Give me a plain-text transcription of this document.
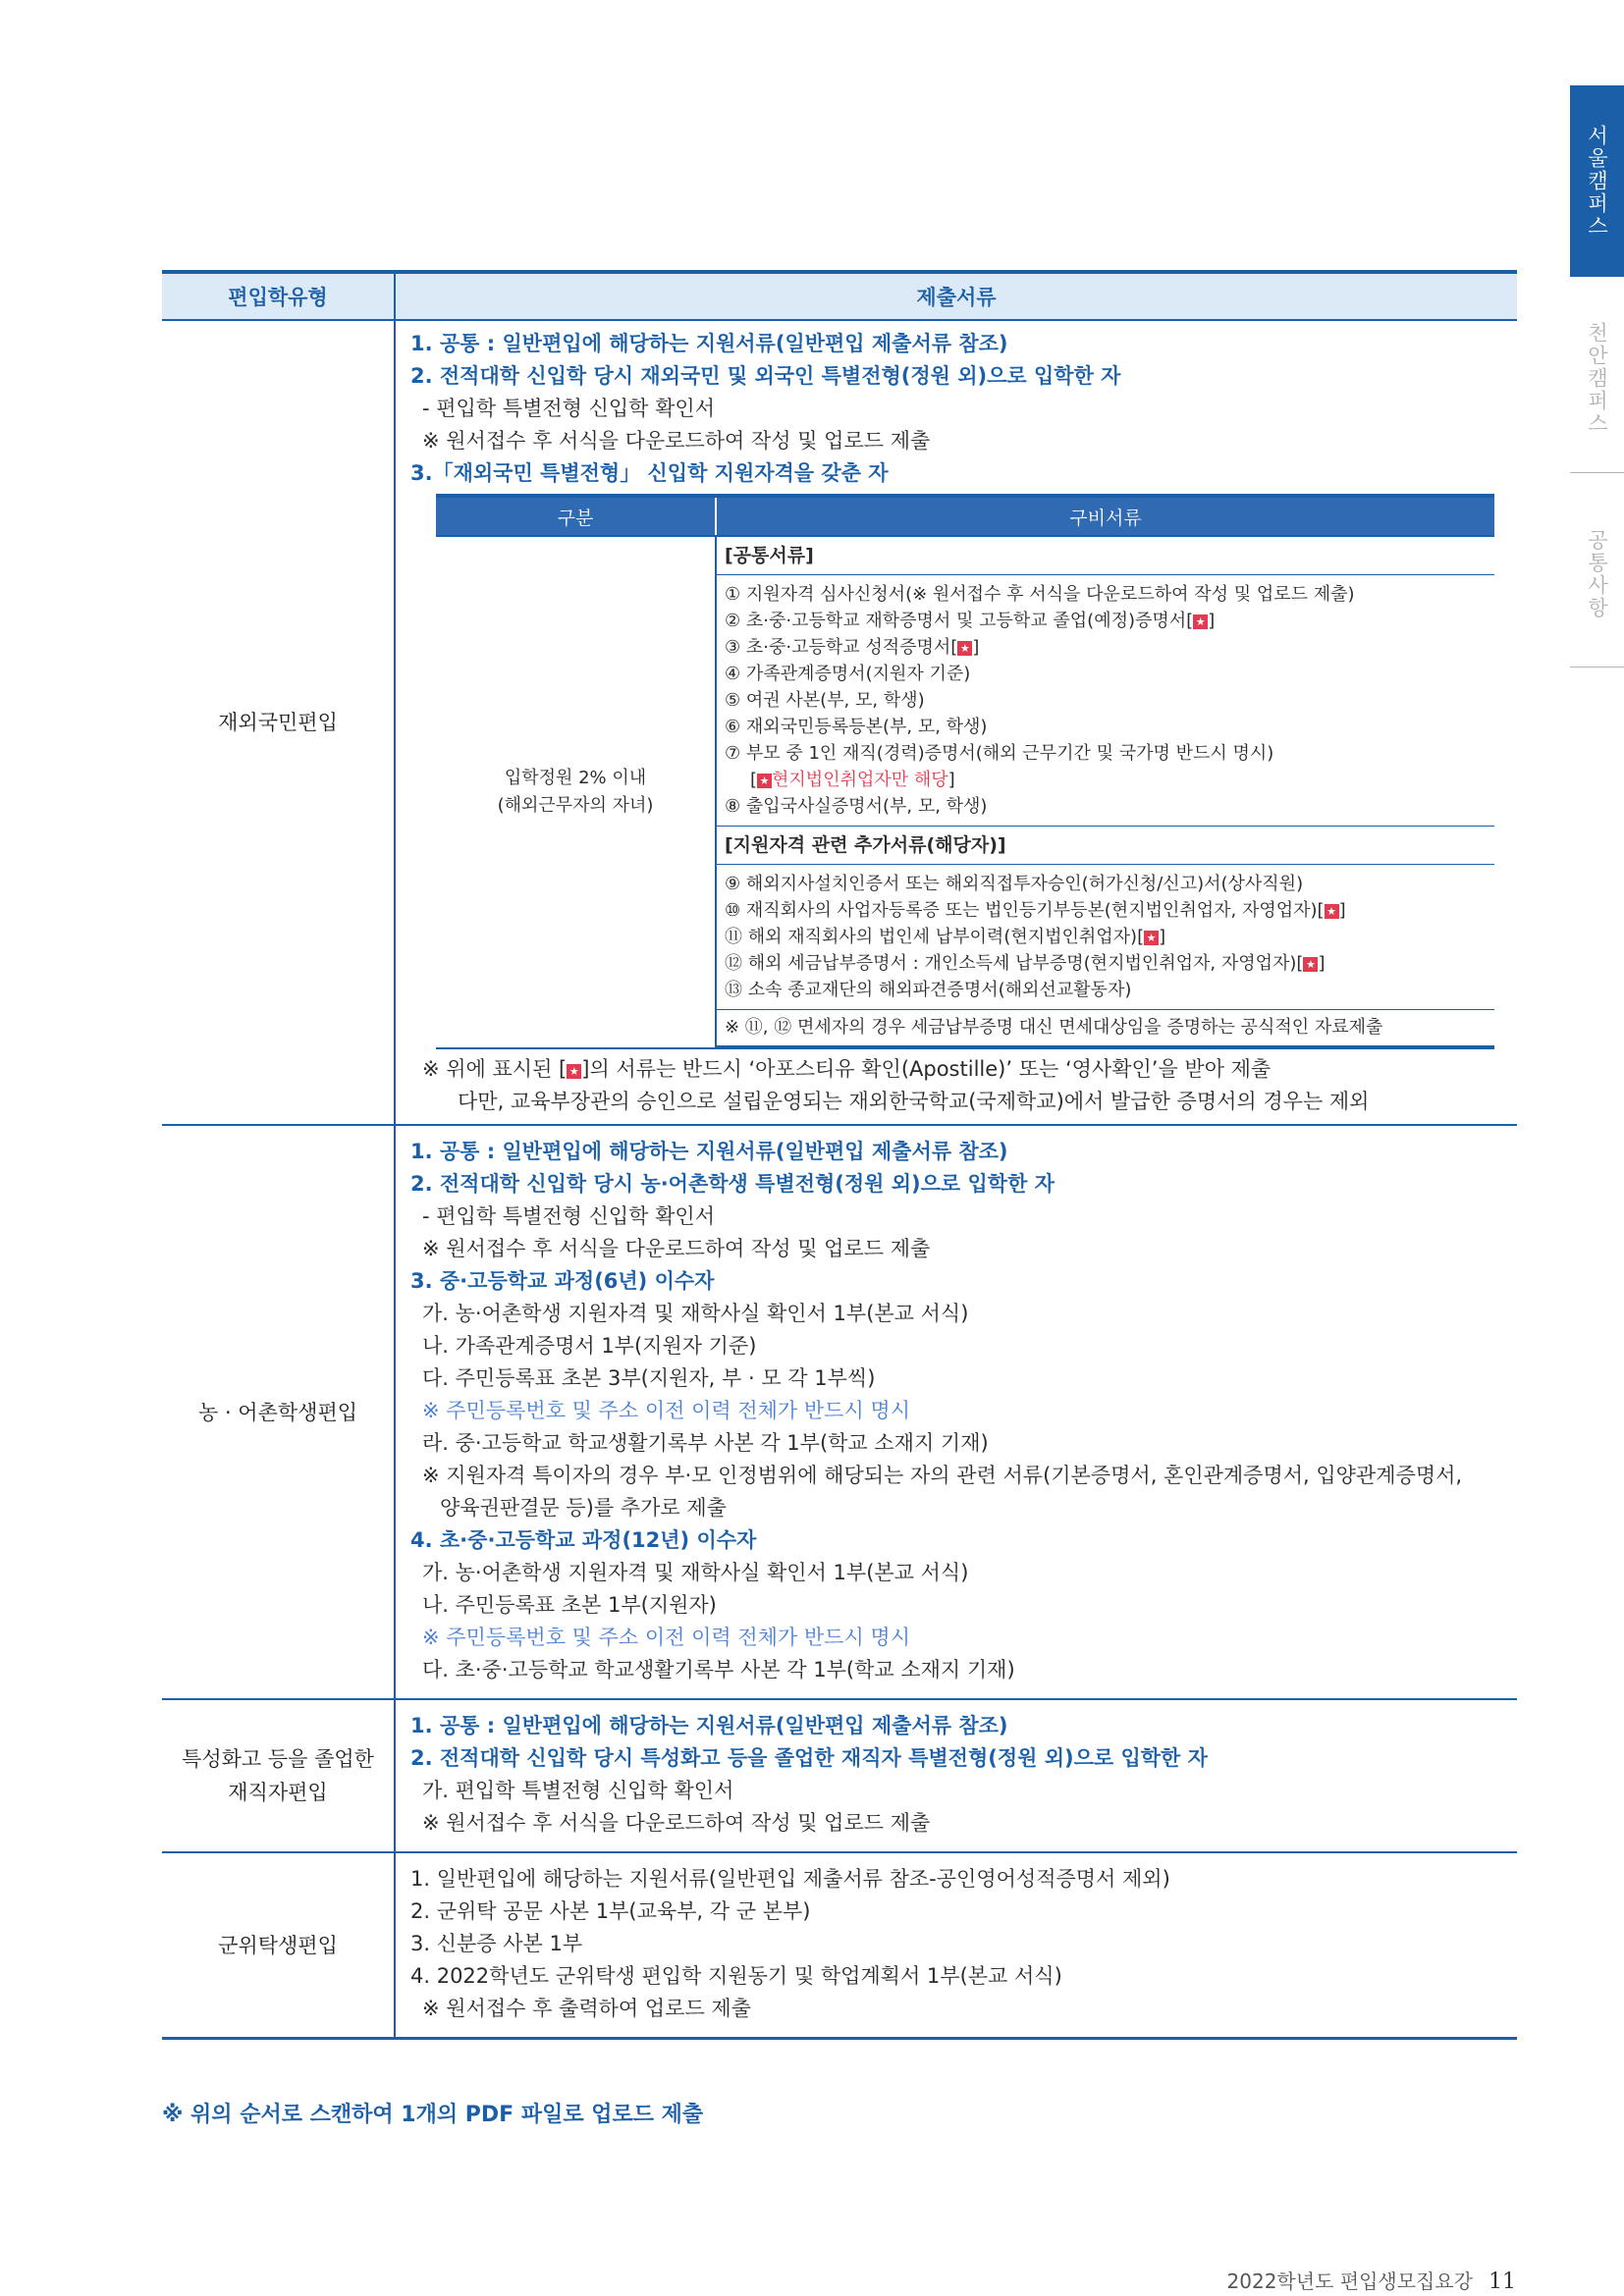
서울캠퍼스
천안캠퍼스
공통사항
편입학유형	제출서류
재외국민편입	
1. 공통 : 일반편입에 해당하는 지원서류(일반편입 제출서류 참조)
2. 전적대학 신입학 당시 재외국민 및 외국인 특별전형(정원 외)으로 입학한 자
- 편입학 특별전형 신입학 확인서
※ 원서접수 후 서식을 다운로드하여 작성 및 업로드 제출
3.「재외국민 특별전형」 신입학 지원자격을 갖춘 자
구분	구비서류

입학정원 2% 이내
(해외근무자의 자녀)

[공통서류]
① 지원자격 심사신청서(※ 원서접수 후 서식을 다운로드하여 작성 및 업로드 제출)
② 초·중·고등학교 재학증명서 및 고등학교 졸업(예정)증명서[ ★ ]
③ 초·중·고등학교 성적증명서[ ★ ]
④ 가족관계증명서(지원자 기준)
⑤ 여권 사본(부, 모, 학생)
⑥ 재외국민등록등본(부, 모, 학생)
⑦ 부모 중 1인 재직(경력)증명서(해외 근무기간 및 국가명 반드시 명시)
[ ★ 현지법인취업자만 해당]
⑧ 출입국사실증명서(부, 모, 학생)
[지원자격 관련 추가서류(해당자)]
⑨ 해외지사설치인증서 또는 해외직접투자승인(허가신청/신고)서(상사직원)
⑩ 재직회사의 사업자등록증 또는 법인등기부등본(현지법인취업자, 자영업자)[ ★ ]
⑪ 해외 재직회사의 법인세 납부이력(현지법인취업자)[ ★ ]
⑫ 해외 세금납부증명서 : 개인소득세 납부증명(현지법인취업자, 자영업자)[ ★ ]
⑬ 소속 종교재단의 해외파견증명서(해외선교활동자)
※ ⑪, ⑫ 면세자의 경우 세금납부증명 대신 면세대상임을 증명하는 공식적인 자료제출
※ 위에 표시된 [ ★ ]의 서류는 반드시 ‘아포스티유 확인(Apostille)’ 또는 ‘영사확인’을 받아 제출
다만, 교육부장관의 승인으로 설립운영되는 재외한국학교(국제학교)에서 발급한 증명서의 경우는 제외

농 · 어촌학생편입	
1. 공통 : 일반편입에 해당하는 지원서류(일반편입 제출서류 참조)
2. 전적대학 신입학 당시 농·어촌학생 특별전형(정원 외)으로 입학한 자
- 편입학 특별전형 신입학 확인서
※ 원서접수 후 서식을 다운로드하여 작성 및 업로드 제출
3. 중·고등학교 과정(6년) 이수자
가. 농·어촌학생 지원자격 및 재학사실 확인서 1부(본교 서식)
나. 가족관계증명서 1부(지원자 기준)
다. 주민등록표 초본 3부(지원자, 부 · 모 각 1부씩)
※ 주민등록번호 및 주소 이전 이력 전체가 반드시 명시
라. 중·고등학교 학교생활기록부 사본 각 1부(학교 소재지 기재)
※ 지원자격 특이자의 경우 부·모 인정범위에 해당되는 자의 관련 서류(기본증명서, 혼인관계증명서, 입양관계증명서,
양육권판결문 등)를 추가로 제출
4. 초·중·고등학교 과정(12년) 이수자
가. 농·어촌학생 지원자격 및 재학사실 확인서 1부(본교 서식)
나. 주민등록표 초본 1부(지원자)
※ 주민등록번호 및 주소 이전 이력 전체가 반드시 명시
다. 초·중·고등학교 학교생활기록부 사본 각 1부(학교 소재지 기재)

특성화고 등을 졸업한
재직자편입

1. 공통 : 일반편입에 해당하는 지원서류(일반편입 제출서류 참조)
2. 전적대학 신입학 당시 특성화고 등을 졸업한 재직자 특별전형(정원 외)으로 입학한 자
가. 편입학 특별전형 신입학 확인서
※ 원서접수 후 서식을 다운로드하여 작성 및 업로드 제출

군위탁생편입	
1. 일반편입에 해당하는 지원서류(일반편입 제출서류 참조-공인영어성적증명서 제외)
2. 군위탁 공문 사본 1부(교육부, 각 군 본부)
3. 신분증 사본 1부
4. 2022학년도 군위탁생 편입학 지원동기 및 학업계획서 1부(본교 서식)
※ 원서접수 후 출력하여 업로드 제출
※ 위의 순서로 스캔하여 1개의 PDF 파일로 업로드 제출
2022학년도 편입생모집요강 11
